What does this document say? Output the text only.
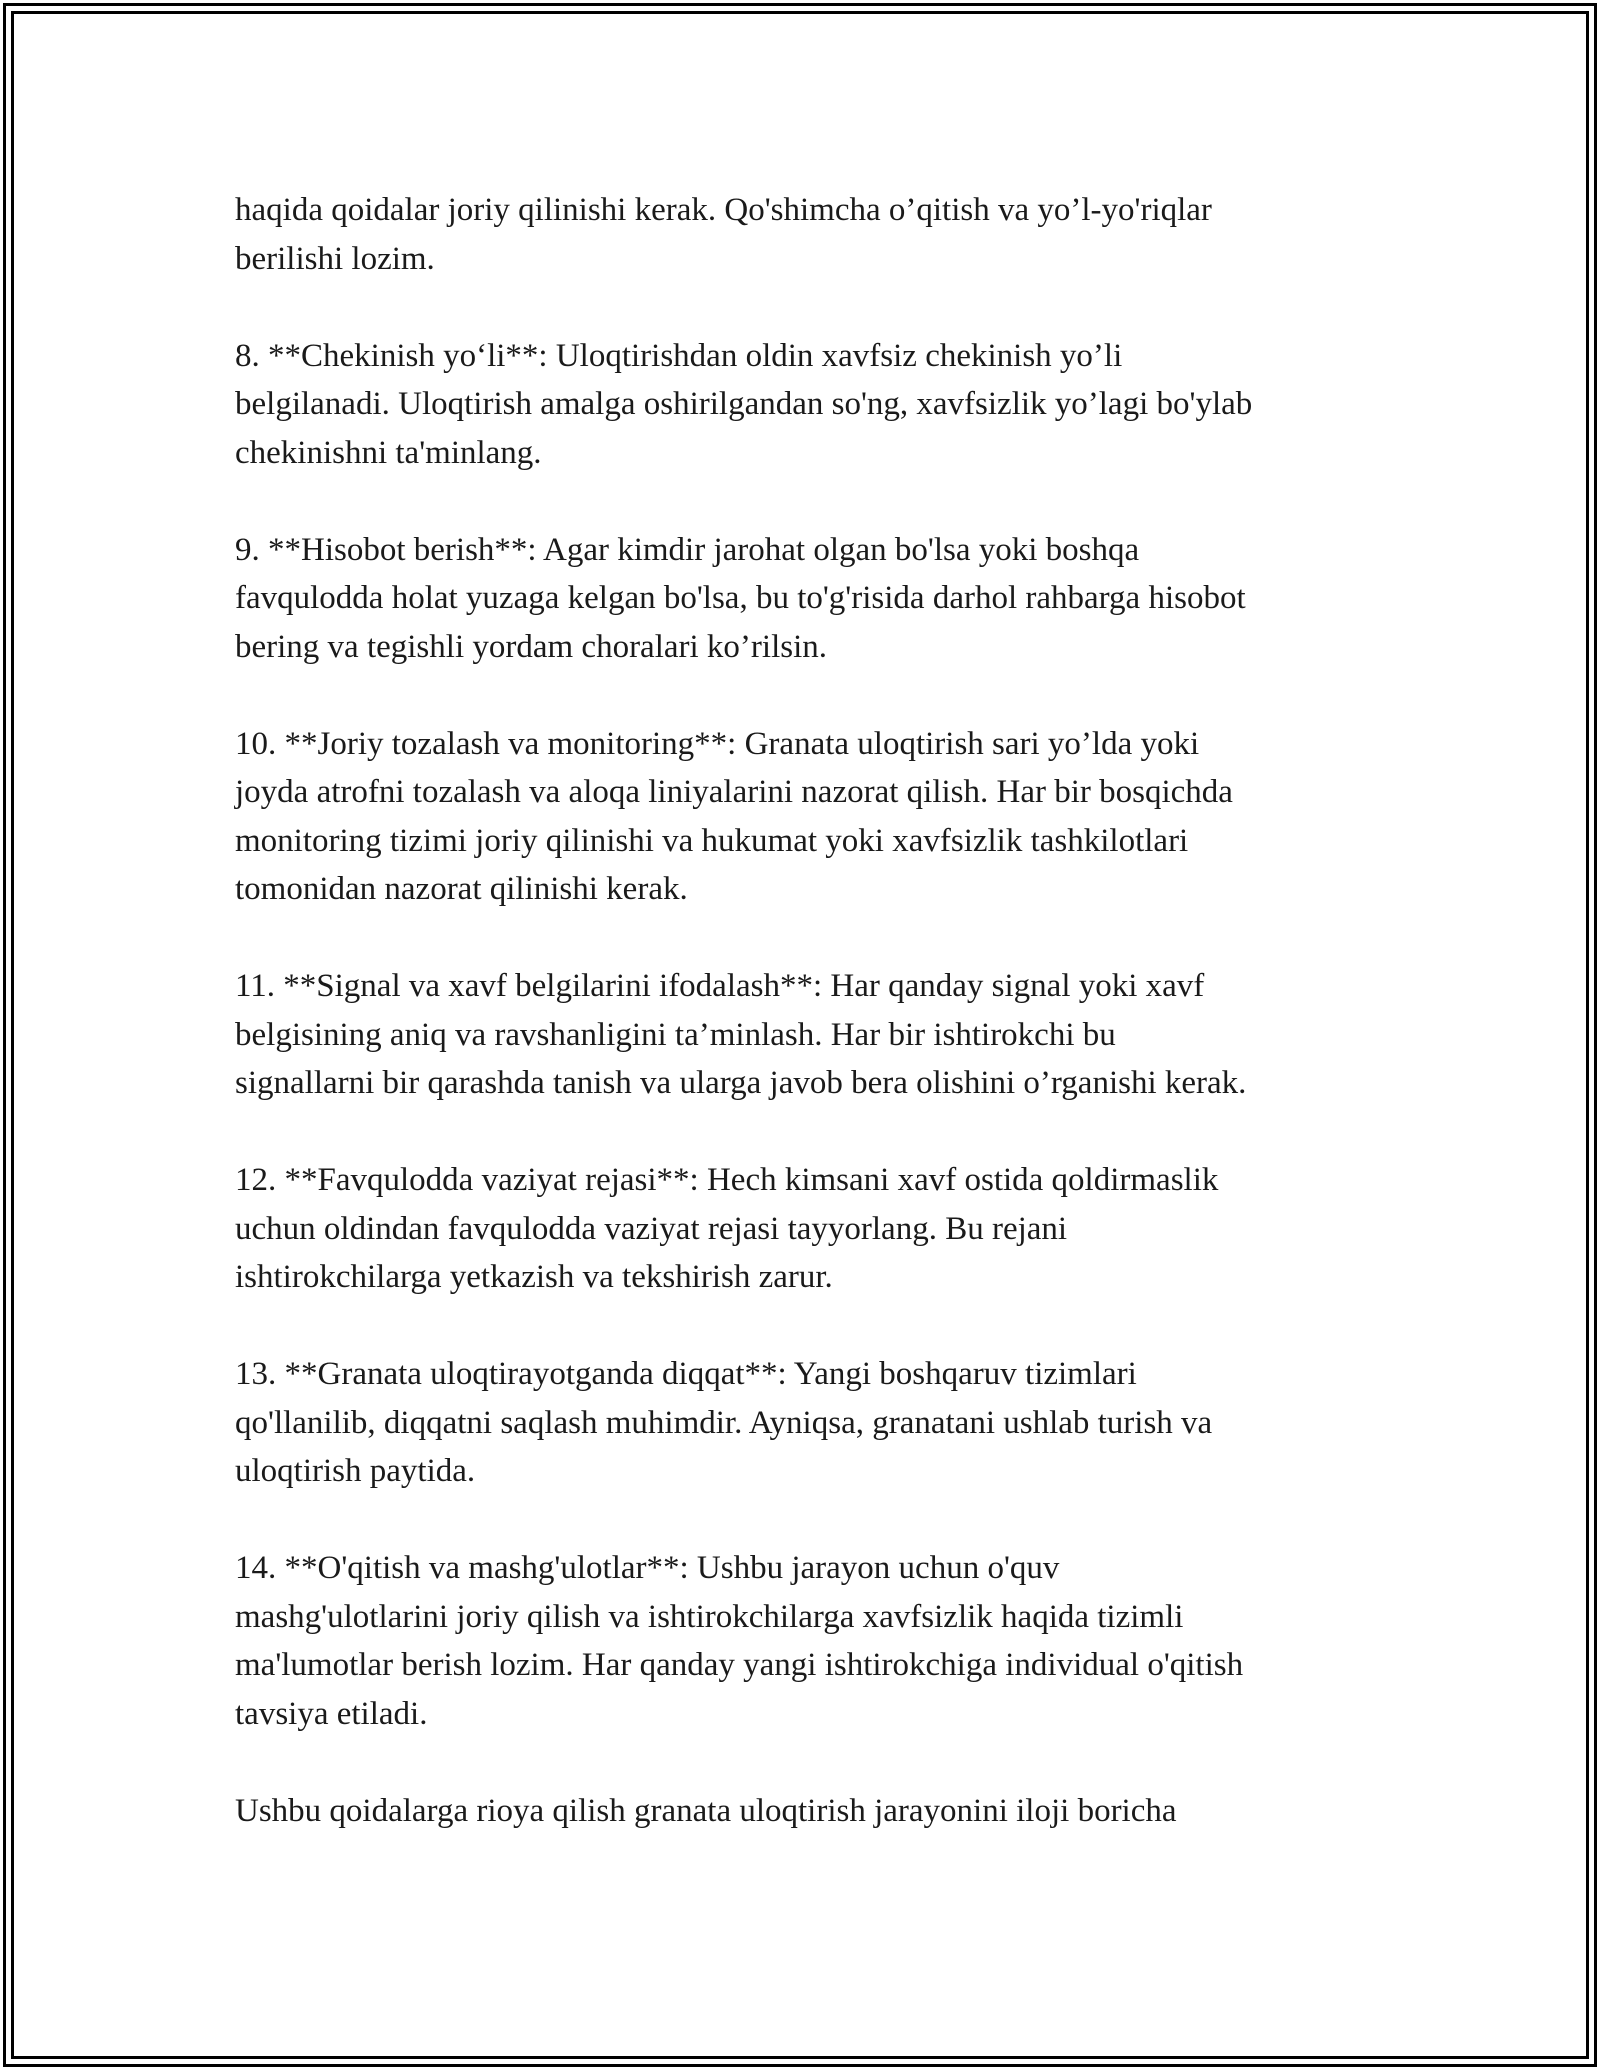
haqida qoidalar joriy qilinishi kerak. Qo'shimcha o’qitish va yo’l-yo'riqlar
berilishi lozim.

8. **Chekinish yo‘li**: Uloqtirishdan oldin xavfsiz chekinish yo’li
belgilanadi. Uloqtirish amalga oshirilgandan so'ng, xavfsizlik yo’lagi bo'ylab
chekinishni ta'minlang.

9. **Hisobot berish**: Agar kimdir jarohat olgan bo'lsa yoki boshqa
favqulodda holat yuzaga kelgan bo'lsa, bu to'g'risida darhol rahbarga hisobot
bering va tegishli yordam choralari ko’rilsin.

10. **Joriy tozalash va monitoring**: Granata uloqtirish sari yo’lda yoki
joyda atrofni tozalash va aloqa liniyalarini nazorat qilish. Har bir bosqichda
monitoring tizimi joriy qilinishi va hukumat yoki xavfsizlik tashkilotlari
tomonidan nazorat qilinishi kerak.

11. **Signal va xavf belgilarini ifodalash**: Har qanday signal yoki xavf
belgisining aniq va ravshanligini ta’minlash. Har bir ishtirokchi bu
signallarni bir qarashda tanish va ularga javob bera olishini o’rganishi kerak.

12. **Favqulodda vaziyat rejasi**: Hech kimsani xavf ostida qoldirmaslik
uchun oldindan favqulodda vaziyat rejasi tayyorlang. Bu rejani
ishtirokchilarga yetkazish va tekshirish zarur.

13. **Granata uloqtirayotganda diqqat**: Yangi boshqaruv tizimlari
qo'llanilib, diqqatni saqlash muhimdir. Ayniqsa, granatani ushlab turish va
uloqtirish paytida.

14. **O'qitish va mashg'ulotlar**: Ushbu jarayon uchun o'quv
mashg'ulotlarini joriy qilish va ishtirokchilarga xavfsizlik haqida tizimli
ma'lumotlar berish lozim. Har qanday yangi ishtirokchiga individual o'qitish
tavsiya etiladi.

Ushbu qoidalarga rioya qilish granata uloqtirish jarayonini iloji boricha
